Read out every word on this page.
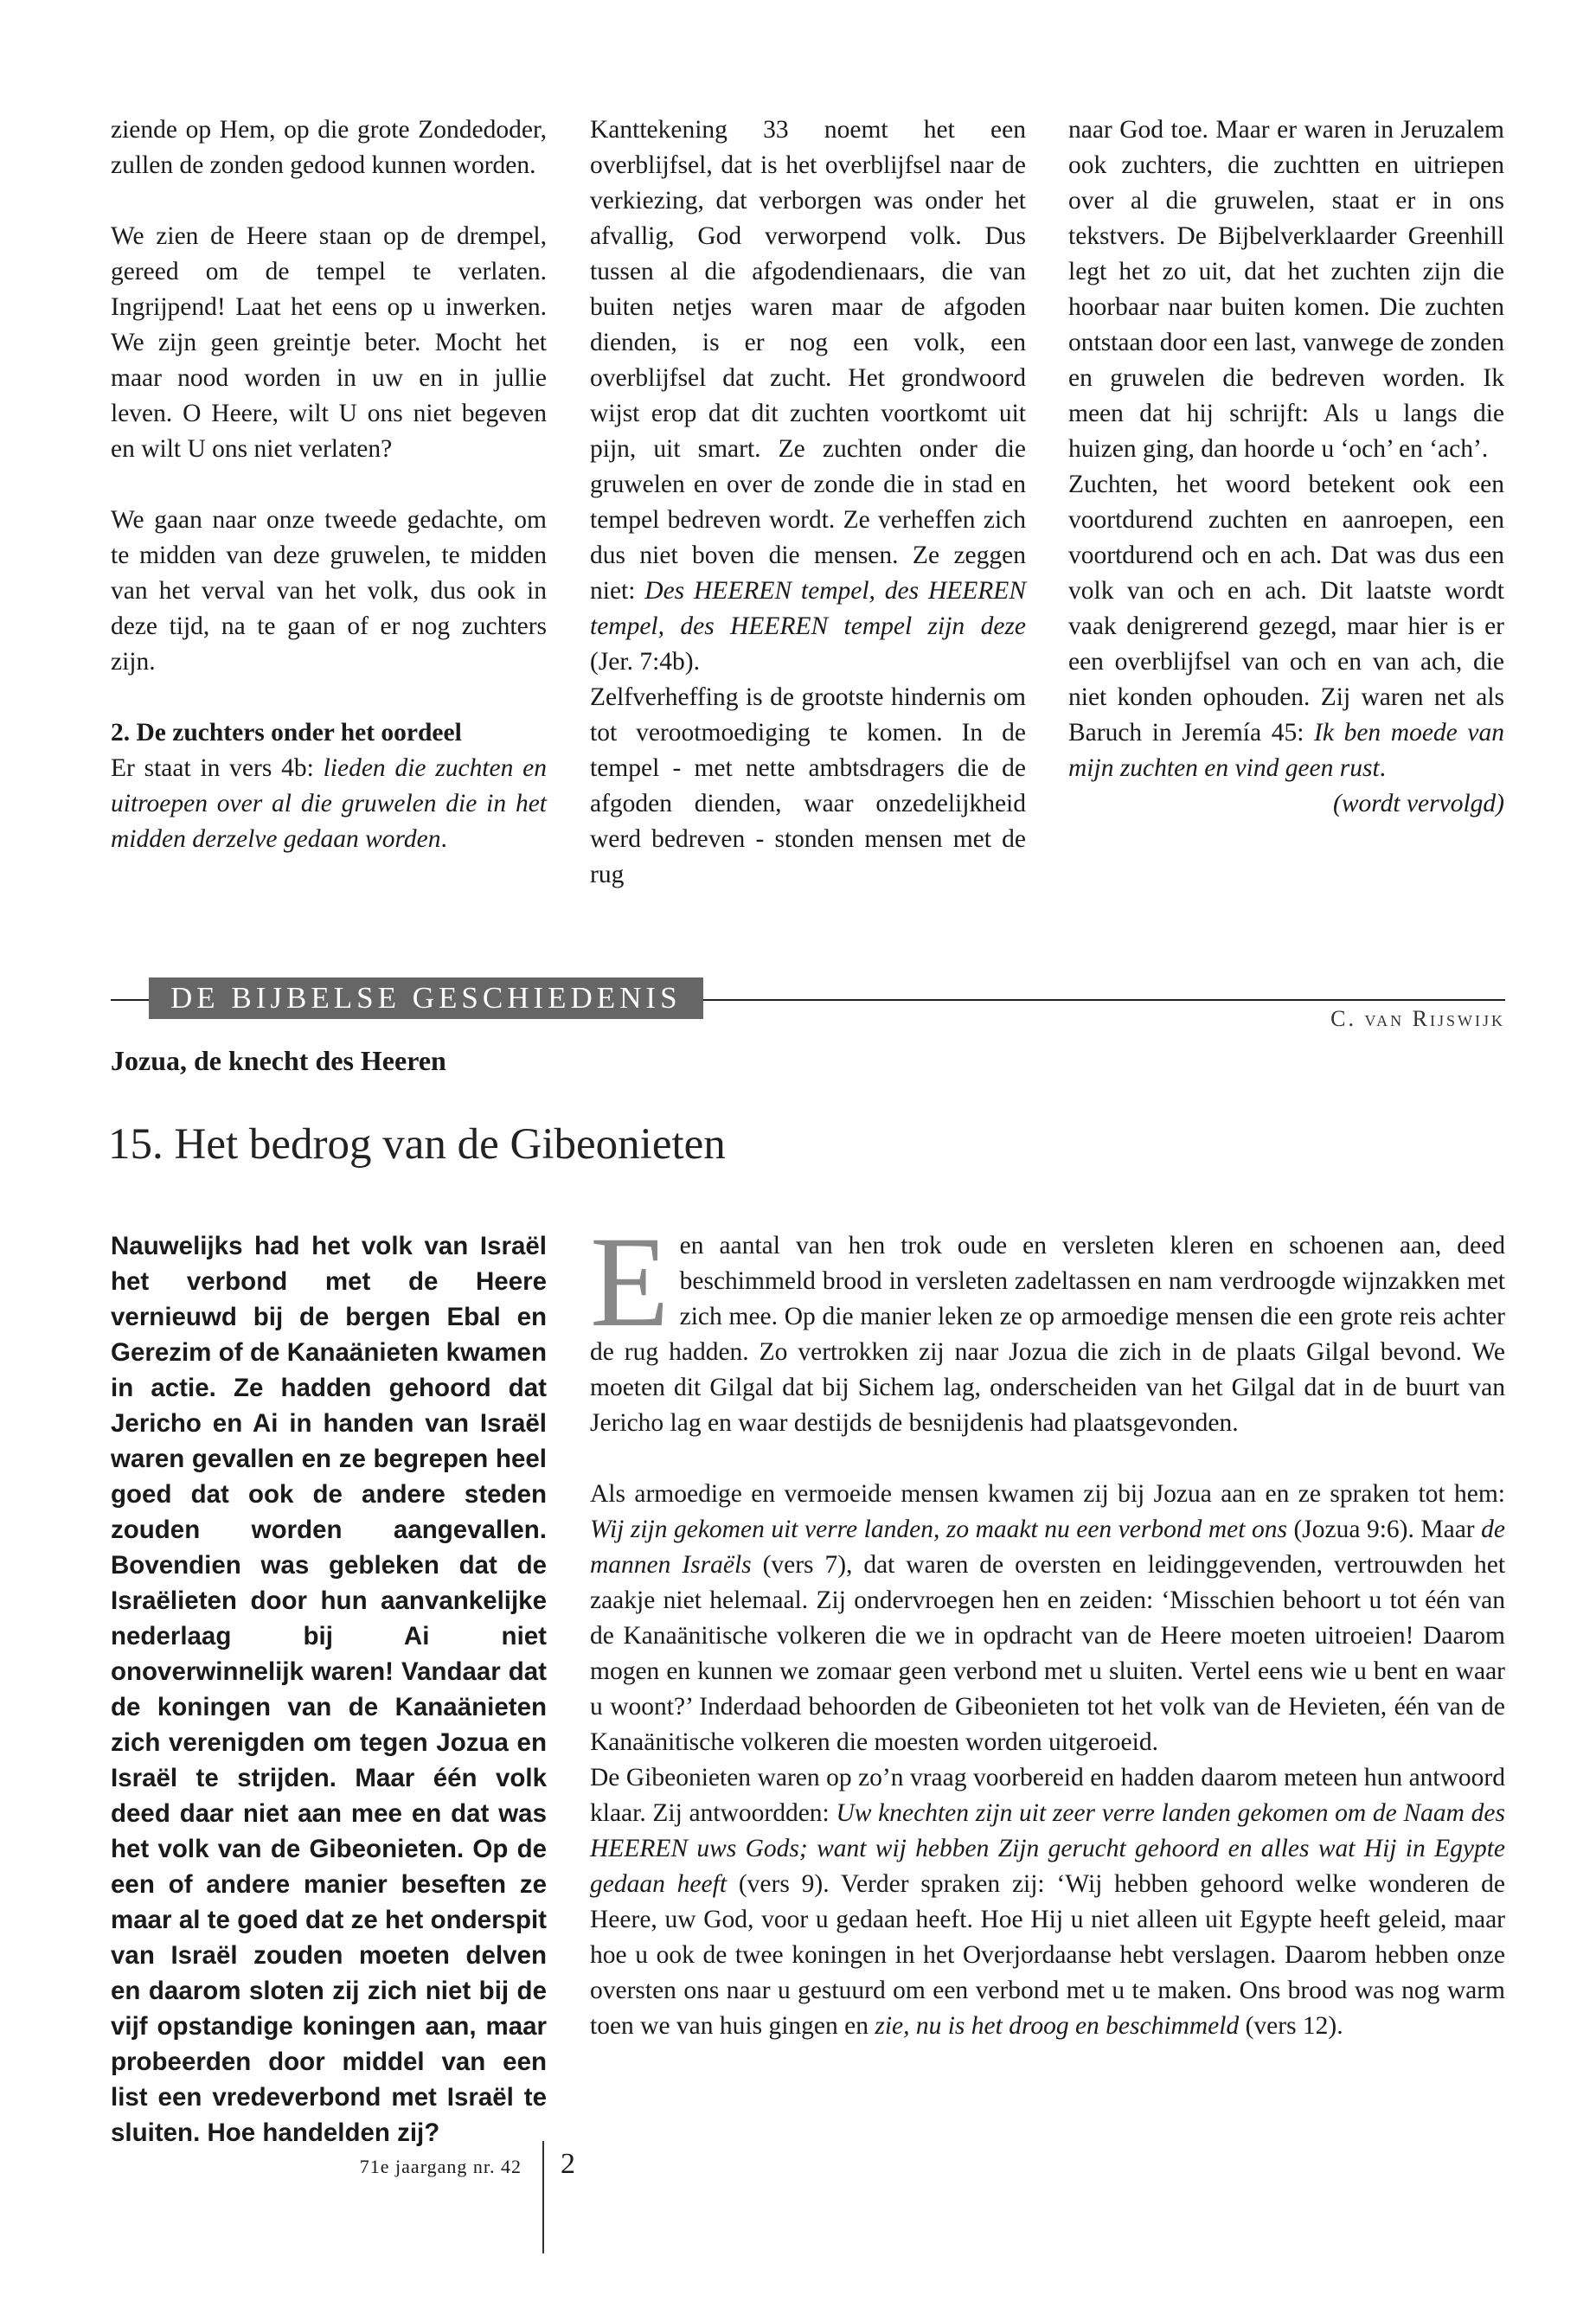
ziende op Hem, op die grote Zondedoder, zullen de zonden gedood kunnen worden.

We zien de Heere staan op de drempel, gereed om de tempel te verlaten. Ingrijpend! Laat het eens op u inwerken. We zijn geen greintje beter. Mocht het maar nood worden in uw en in jullie leven. O Heere, wilt U ons niet begeven en wilt U ons niet verlaten?

We gaan naar onze tweede gedachte, om te midden van deze gruwelen, te midden van het verval van het volk, dus ook in deze tijd, na te gaan of er nog zuchters zijn.

2. De zuchters onder het oordeel

Er staat in vers 4b: lieden die zuchten en uitroepen over al die gruwelen die in het midden derzelve gedaan worden.

Kanttekening 33 noemt het een overblijfsel, dat is het overblijfsel naar de verkiezing, dat verborgen was onder het afvallig, God verworpend volk. Dus tussen al die afgodendienaars, die van buiten netjes waren maar de afgoden dienden, is er nog een volk, een overblijfsel dat zucht. Het grondwoord wijst erop dat dit zuchten voortkomt uit pijn, uit smart. Ze zuchten onder die gruwelen en over de zonde die in stad en tempel bedreven wordt. Ze verheffen zich dus niet boven die mensen. Ze zeggen niet: Des HEEREN tempel, des HEEREN tempel, des HEEREN tempel zijn deze (Jer. 7:4b).

Zelfverheffing is de grootste hindernis om tot verootmoediging te komen. In de tempel - met nette ambtsdragers die de afgoden dienden, waar onzedelijkheid werd bedreven - stonden mensen met de rug

naar God toe. Maar er waren in Jeruzalem ook zuchters, die zuchtten en uitriepen over al die gruwelen, staat er in ons tekstvers. De Bijbelverklaarder Greenhill legt het zo uit, dat het zuchten zijn die hoorbaar naar buiten komen. Die zuchten ontstaan door een last, vanwege de zonden en gruwelen die bedreven worden. Ik meen dat hij schrijft: Als u langs die huizen ging, dan hoorde u ‘och’ en ‘ach’.

Zuchten, het woord betekent ook een voortdurend zuchten en aanroepen, een voortdurend och en ach. Dat was dus een volk van och en ach. Dit laatste wordt vaak denigrerend gezegd, maar hier is er een overblijfsel van och en van ach, die niet konden ophouden. Zij waren net als Baruch in Jeremía 45: Ik ben moede van mijn zuchten en vind geen rust.

(wordt vervolgd)

DE BIJBELSE GESCHIEDENIS
C. van Rijswijk
Jozua, de knecht des Heeren
15. Het bedrog van de Gibeonieten
Nauwelijks had het volk van Israël het verbond met de Heere vernieuwd bij de bergen Ebal en Gerezim of de Kanaänieten kwamen in actie. Ze hadden gehoord dat Jericho en Ai in handen van Israël waren gevallen en ze begrepen heel goed dat ook de andere steden zouden worden aangevallen. Bovendien was gebleken dat de Israëlieten door hun aanvankelijke nederlaag bij Ai niet onoverwinnelijk waren! Vandaar dat de koningen van de Kanaänieten zich verenigden om tegen Jozua en Israël te strijden. Maar één volk deed daar niet aan mee en dat was het volk van de Gibeonieten. Op de een of andere manier beseften ze maar al te goed dat ze het onderspit van Israël zouden moeten delven en daarom sloten zij zich niet bij de vijf opstandige koningen aan, maar probeerden door middel van een list een vredeverbond met Israël te sluiten. Hoe handelden zij?

Een aantal van hen trok oude en versleten kleren en schoenen aan, deed beschimmeld brood in versleten zadeltassen en nam verdroogde wijnzakken met zich mee. Op die manier leken ze op armoedige mensen die een grote reis achter de rug hadden. Zo vertrokken zij naar Jozua die zich in de plaats Gilgal bevond. We moeten dit Gilgal dat bij Sichem lag, onderscheiden van het Gilgal dat in de buurt van Jericho lag en waar destijds de besnijdenis had plaatsgevonden.

Als armoedige en vermoeide mensen kwamen zij bij Jozua aan en ze spraken tot hem: Wij zijn gekomen uit verre landen, zo maakt nu een verbond met ons (Jozua 9:6). Maar de mannen Israëls (vers 7), dat waren de oversten en leidinggevenden, vertrouwden het zaakje niet helemaal. Zij ondervroegen hen en zeiden: ‘Misschien behoort u tot één van de Kanaänitische volkeren die we in opdracht van de Heere moeten uitroeien! Daarom mogen en kunnen we zomaar geen verbond met u sluiten. Vertel eens wie u bent en waar u woont?’ Inderdaad behoorden de Gibeonieten tot het volk van de Hevieten, één van de Kanaänitische volkeren die moesten worden uitgeroeid.

De Gibeonieten waren op zo’n vraag voorbereid en hadden daarom meteen hun antwoord klaar. Zij antwoordden: Uw knechten zijn uit zeer verre landen gekomen om de Naam des HEEREN uws Gods; want wij hebben Zijn gerucht gehoord en alles wat Hij in Egypte gedaan heeft (vers 9). Verder spraken zij: ‘Wij hebben gehoord welke wonderen de Heere, uw God, voor u gedaan heeft. Hoe Hij u niet alleen uit Egypte heeft geleid, maar hoe u ook de twee koningen in het Overjordaanse hebt verslagen. Daarom hebben onze oversten ons naar u gestuurd om een verbond met u te maken. Ons brood was nog warm toen we van huis gingen en zie, nu is het droog en beschimmeld (vers 12).

71e jaargang nr. 42 2
